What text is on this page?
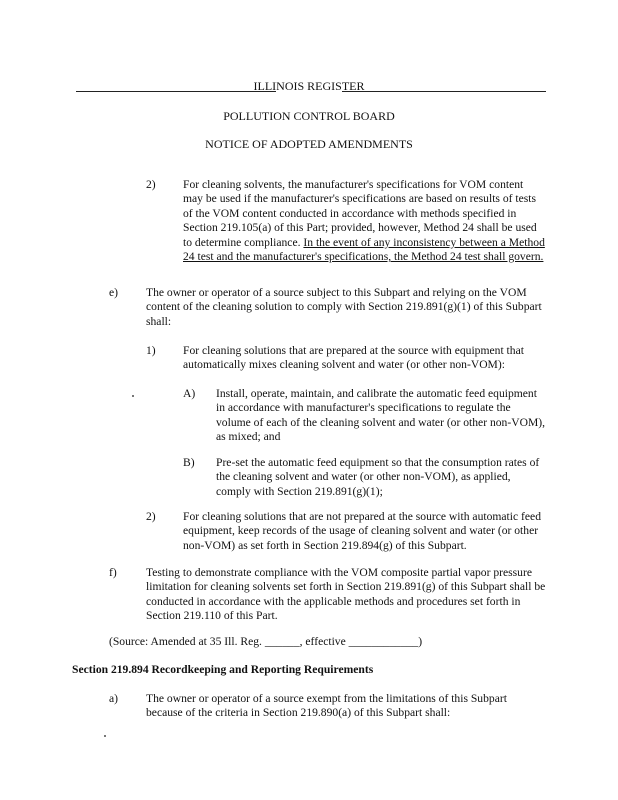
ILLINOIS REGISTER
POLLUTION CONTROL BOARD
NOTICE OF ADOPTED AMENDMENTS
2) For cleaning solvents, the manufacturer's specifications for VOM content may be used if the manufacturer's specifications are based on results of tests of the VOM content conducted in accordance with methods specified in Section 219.105(a) of this Part; provided, however, Method 24 shall be used to determine compliance. In the event of any inconsistency between a Method 24 test and the manufacturer's specifications, the Method 24 test shall govern.
e) The owner or operator of a source subject to this Subpart and relying on the VOM content of the cleaning solution to comply with Section 219.891(g)(1) of this Subpart shall:
1) For cleaning solutions that are prepared at the source with equipment that automatically mixes cleaning solvent and water (or other non-VOM):
A) Install, operate, maintain, and calibrate the automatic feed equipment in accordance with manufacturer's specifications to regulate the volume of each of the cleaning solvent and water (or other non-VOM), as mixed; and
B) Pre-set the automatic feed equipment so that the consumption rates of the cleaning solvent and water (or other non-VOM), as applied, comply with Section 219.891(g)(1);
2) For cleaning solutions that are not prepared at the source with automatic feed equipment, keep records of the usage of cleaning solvent and water (or other non-VOM) as set forth in Section 219.894(g) of this Subpart.
f)	Testing to demonstrate compliance with the VOM composite partial vapor pressure limitation for cleaning solvents set forth in Section 219.891(g) of this Subpart shall be conducted in accordance with the applicable methods and procedures set forth in Section 219.110 of this Part.
(Source: Amended at 35 Ill. Reg. ______, effective ____________)
Section 219.894 Recordkeeping and Reporting Requirements
a) The owner or operator of a source exempt from the limitations of this Subpart because of the criteria in Section 219.890(a) of this Subpart shall:
